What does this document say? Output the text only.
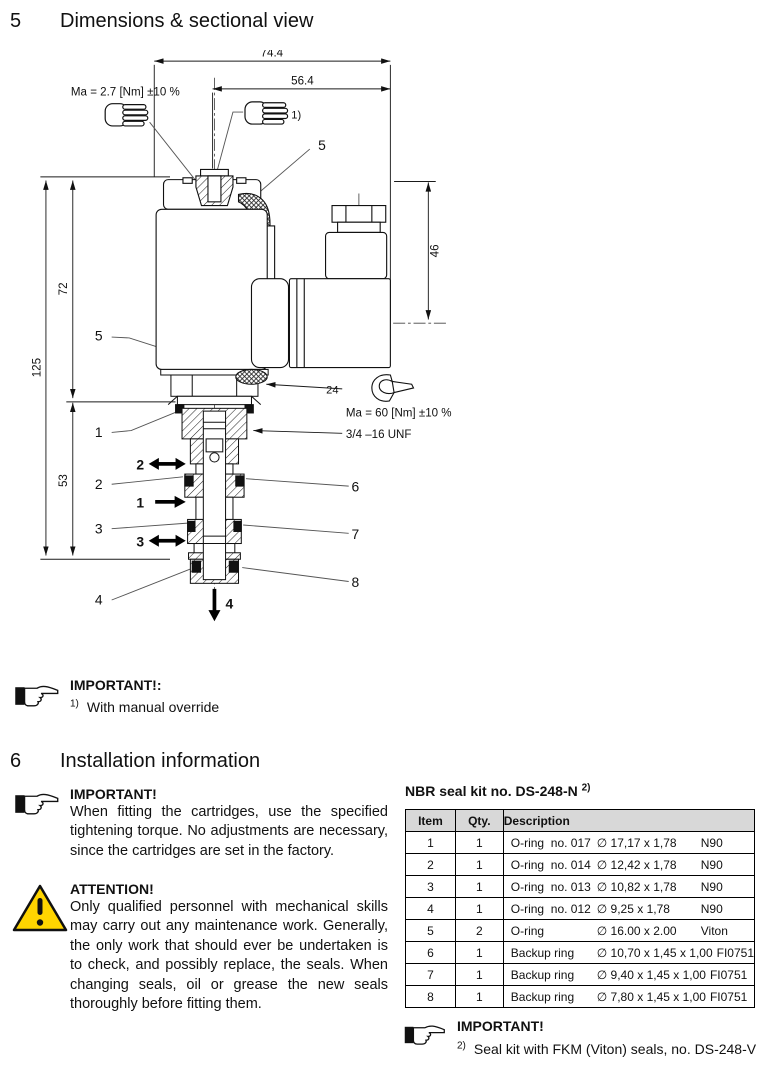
5	Dimensions & sectional view
74.4
56.4
125
72
53
46
Ma = 2.7 [Nm] ±10 %
24
Ma = 60 [Nm] ±10 %
3/4 –16 UNF
1)
5
5
1
2
3
4
6
7
8
2
1
3
4
IMPORTANT!:
$^{1)}$ With manual override
6	Installation information
IMPORTANT!
When fitting the cartridges, use the specified tightening torque. No adjustments are necessary, since the cartridges are set in the factory.
ATTENTION!
Only qualified personnel with mechanical skills may carry out any maintenance work. Generally, the only work that should ever be undertaken is to check, and possibly replace, the seals. When changing seals, oil or grease the new seals thoroughly before fitting them.
NBR seal kit no. DS-248-N $^{2)}$
Item	Qty.	Description
1	1	O-ring no. 017 ∅ 17,17 x 1,78 N90

2	1	O-ring no. 014 ∅ 12,42 x 1,78 N90

3	1	O-ring no. 013 ∅ 10,82 x 1,78 N90

4	1	O-ring no. 012 ∅ 9,25 x 1,78 N90

5	2	O-ring ∅ 16.00 x 2.00 Viton

6	1	Backup ring ∅ 10,70 x 1,45 x 1,00 FI0751

7	1	Backup ring ∅ 9,40 x 1,45 x 1,00 FI0751

8	1	Backup ring ∅ 7,80 x 1,45 x 1,00 FI0751
IMPORTANT!
$^{2)}$ Seal kit with FKM (Viton) seals, no. DS-248-V
